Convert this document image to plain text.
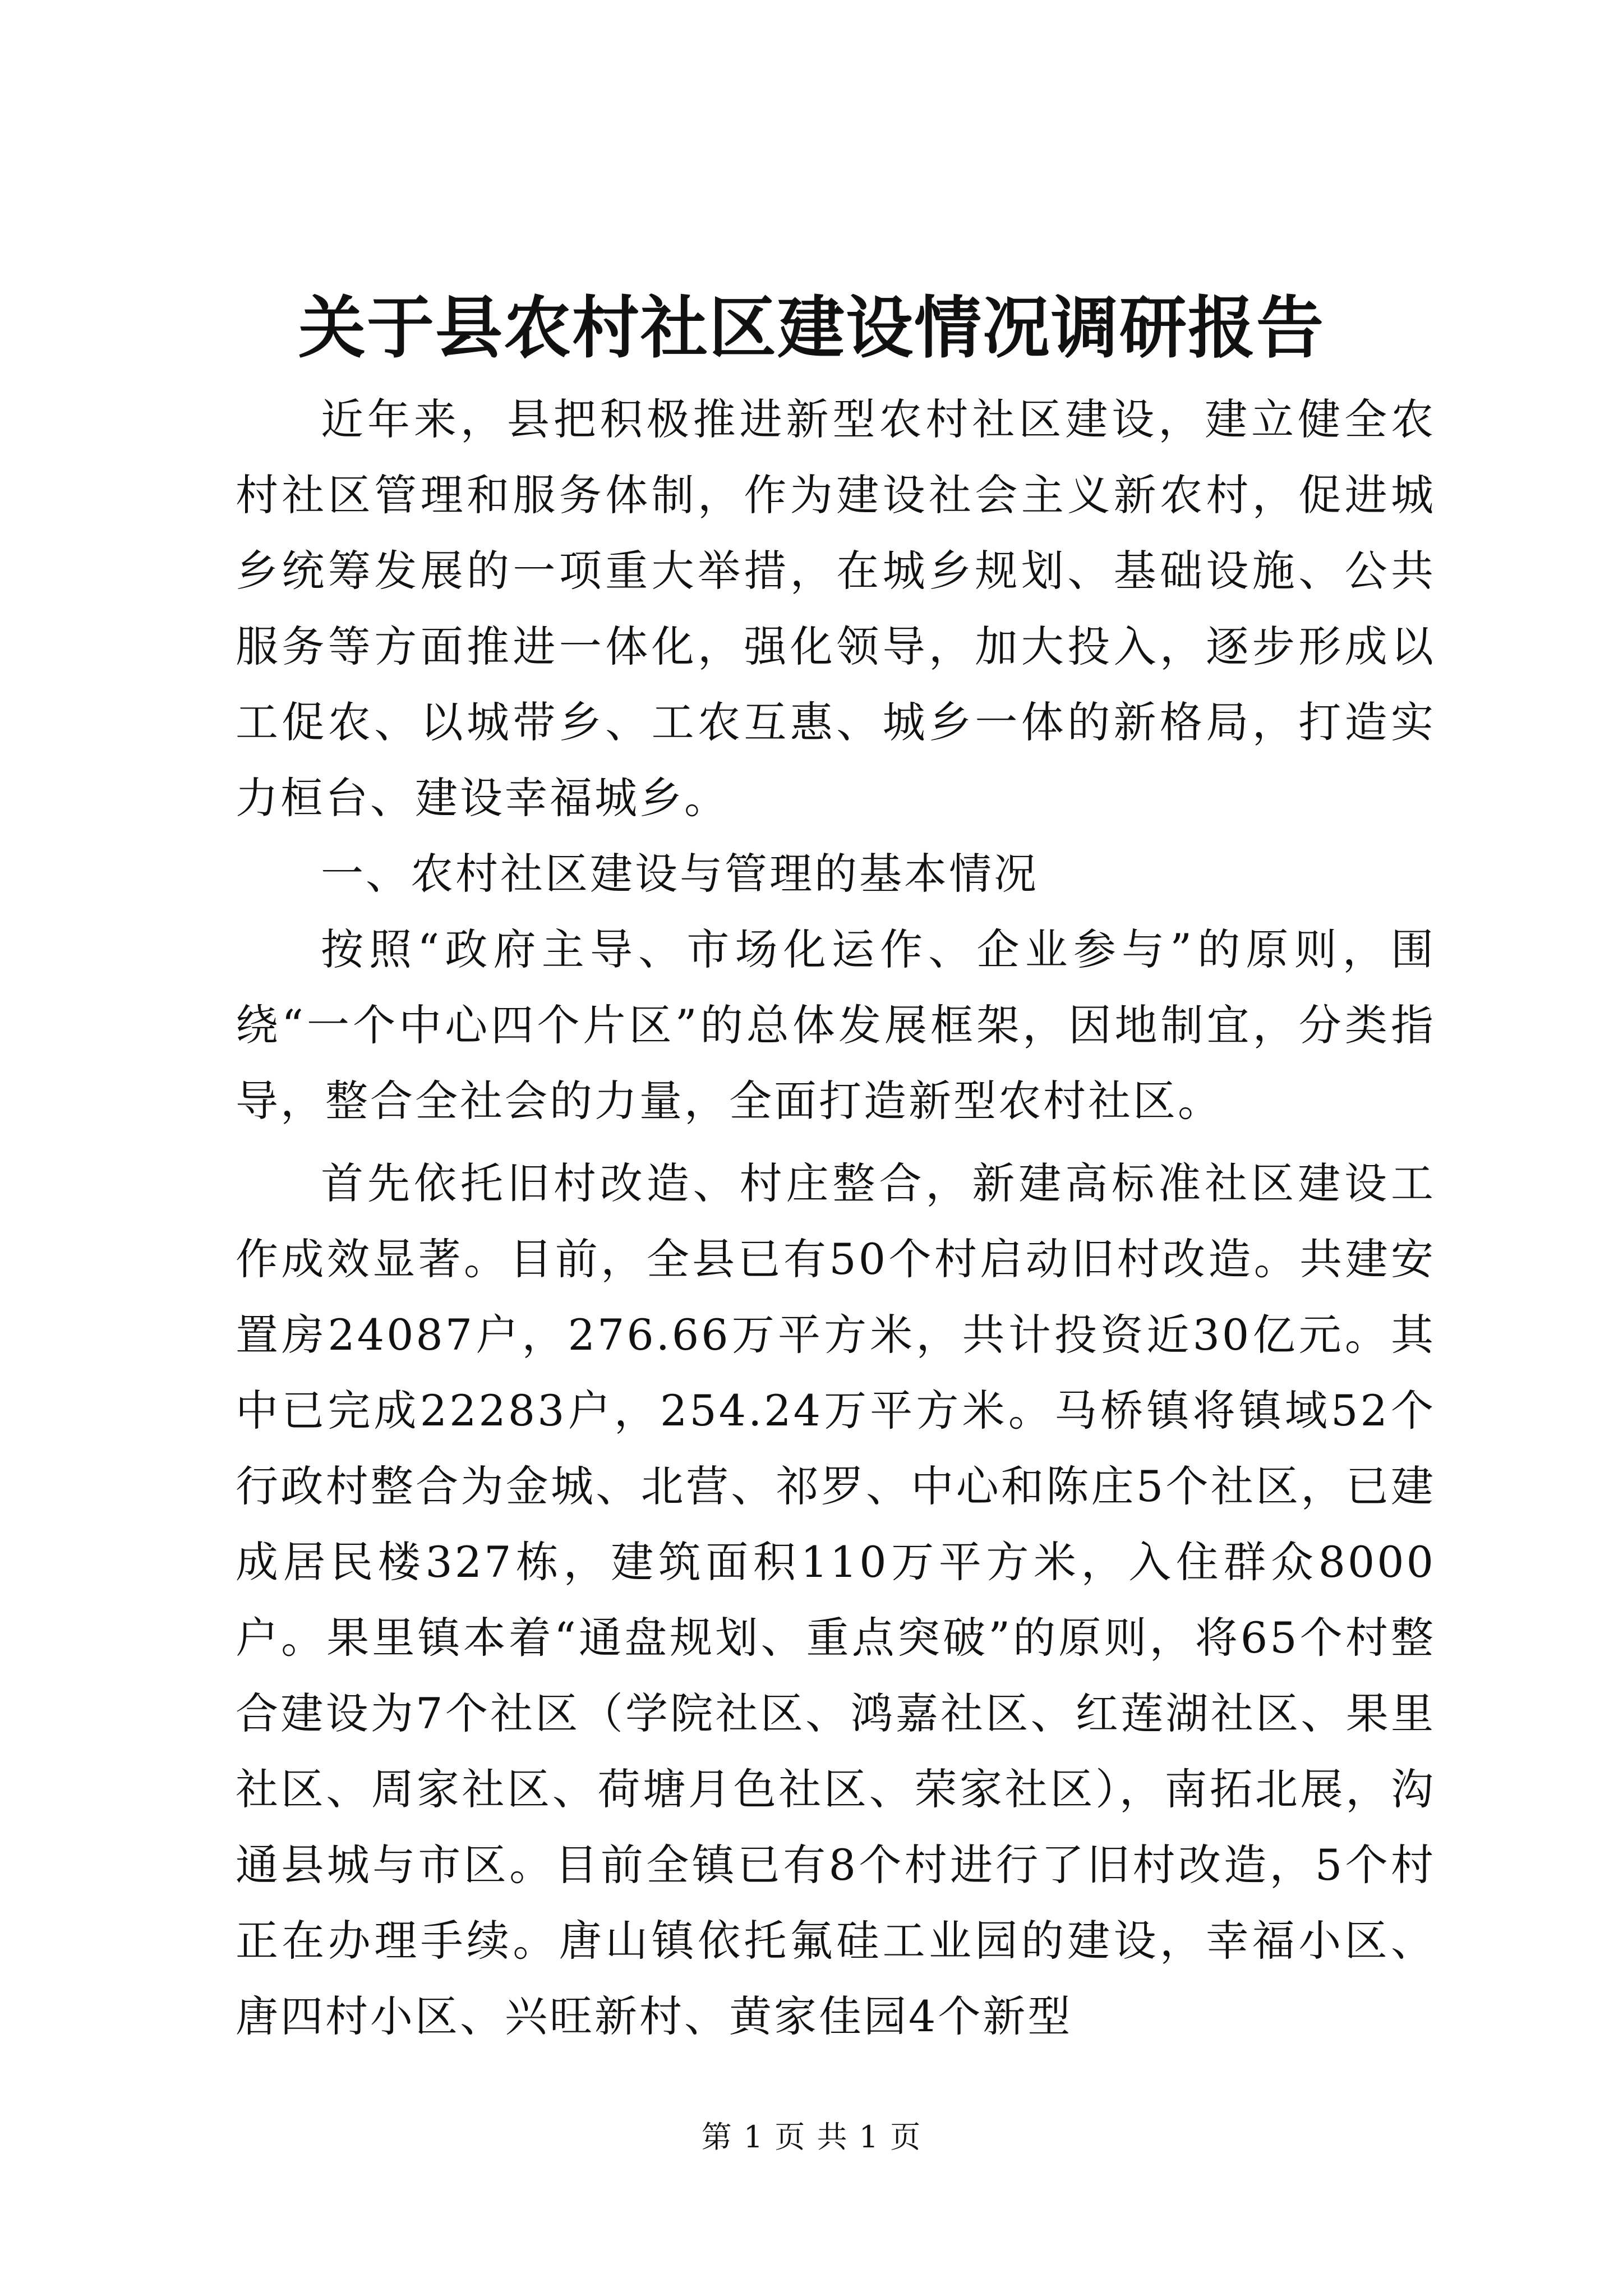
关于县农村社区建设情况调研报告

近年来，县把积极推进新型农村社区建设，建立健全农村社区管理和服务体制，作为建设社会主义新农村，促进城乡统筹发展的一项重大举措，在城乡规划、基础设施、公共服务等方面推进一体化，强化领导，加大投入，逐步形成以工促农、以城带乡、工农互惠、城乡一体的新格局，打造实力桓台、建设幸福城乡。

一、农村社区建设与管理的基本情况

按照“政府主导、市场化运作、企业参与”的原则，围绕“一个中心四个片区”的总体发展框架，因地制宜，分类指导，整合全社会的力量，全面打造新型农村社区。

首先依托旧村改造、村庄整合，新建高标准社区建设工作成效显著。目前，全县已有50个村启动旧村改造。共建安置房24087户，276.66万平方米，共计投资近30亿元。其中已完成22283户，254.24万平方米。马桥镇将镇域52个行政村整合为金城、北营、祁罗、中心和陈庄5个社区，已建成居民楼327栋，建筑面积110万平方米，入住群众8000户。果里镇本着“通盘规划、重点突破”的原则，将65个村整合建设为7个社区（学院社区、鸿嘉社区、红莲湖社区、果里社区、周家社区、荷塘月色社区、荣家社区），南拓北展，沟通县城与市区。目前全镇已有8个村进行了旧村改造，5个村正在办理手续。唐山镇依托氟硅工业园的建设，幸福小区、唐四村小区、兴旺新村、黄家佳园4个新型

第 1 页 共 1 页
